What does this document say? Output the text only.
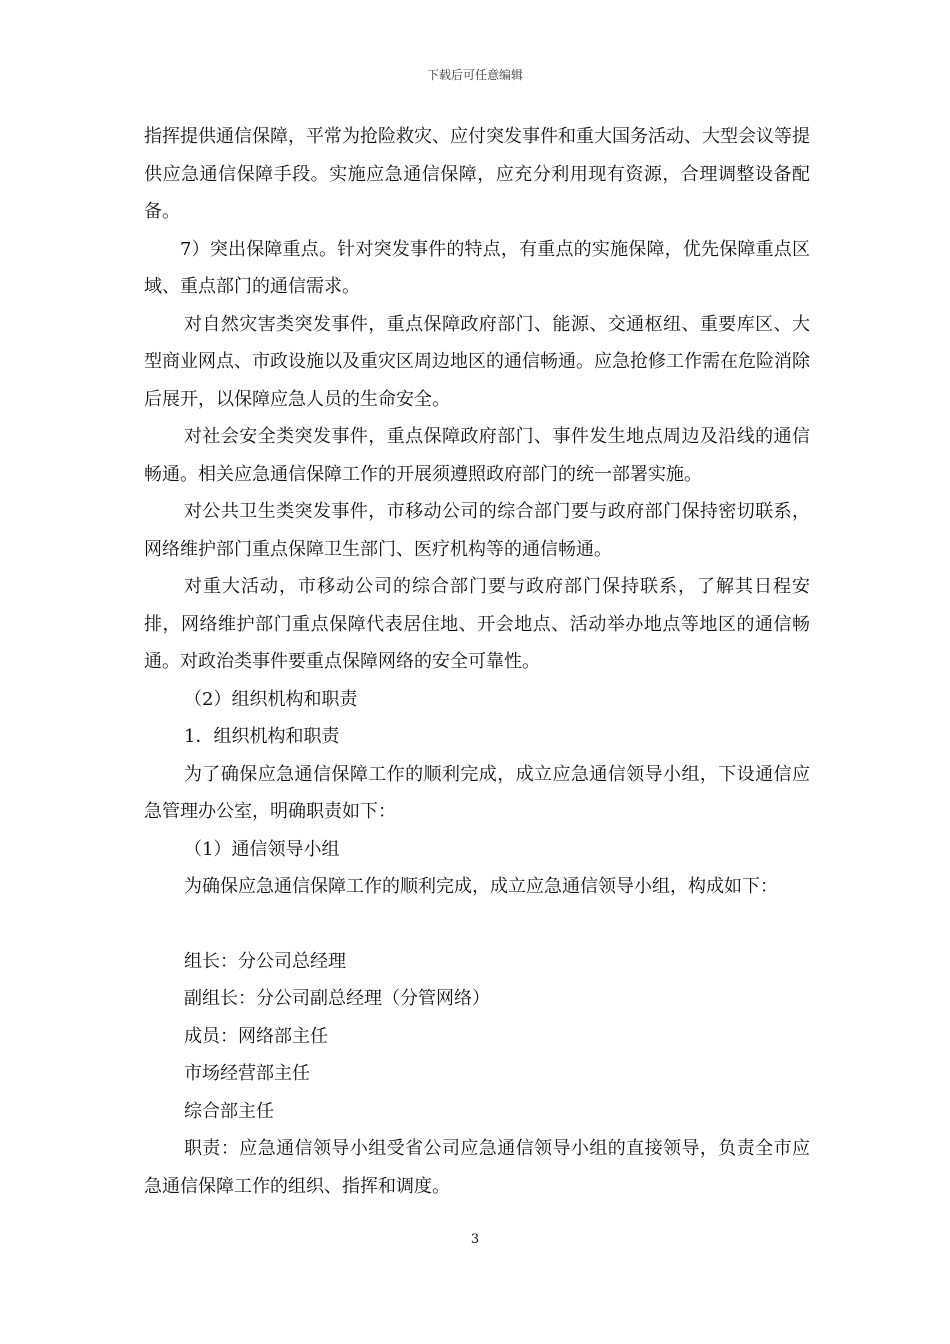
下载后可任意编辑

指挥提供通信保障，平常为抢险救灾、应付突发事件和重大国务活动、大型会议等提供应急通信保障手段。实施应急通信保障，应充分利用现有资源，合理调整设备配备。

7）突出保障重点。针对突发事件的特点，有重点的实施保障，优先保障重点区域、重点部门的通信需求。

对自然灾害类突发事件，重点保障政府部门、能源、交通枢纽、重要库区、大型商业网点、市政设施以及重灾区周边地区的通信畅通。应急抢修工作需在危险消除后展开，以保障应急人员的生命安全。

对社会安全类突发事件，重点保障政府部门、事件发生地点周边及沿线的通信畅通。相关应急通信保障工作的开展须遵照政府部门的统一部署实施。

对公共卫生类突发事件，市移动公司的综合部门要与政府部门保持密切联系，网络维护部门重点保障卫生部门、医疗机构等的通信畅通。

对重大活动，市移动公司的综合部门要与政府部门保持联系，了解其日程安排，网络维护部门重点保障代表居住地、开会地点、活动举办地点等地区的通信畅通。对政治类事件要重点保障网络的安全可靠性。

（2）组织机构和职责

1．组织机构和职责

为了确保应急通信保障工作的顺利完成，成立应急通信领导小组，下设通信应急管理办公室，明确职责如下：

（1）通信领导小组

为确保应急通信保障工作的顺利完成，成立应急通信领导小组，构成如下：

组长：分公司总经理

副组长：分公司副总经理（分管网络）

成员：网络部主任

市场经营部主任

综合部主任

职责：应急通信领导小组受省公司应急通信领导小组的直接领导，负责全市应急通信保障工作的组织、指挥和调度。

3
